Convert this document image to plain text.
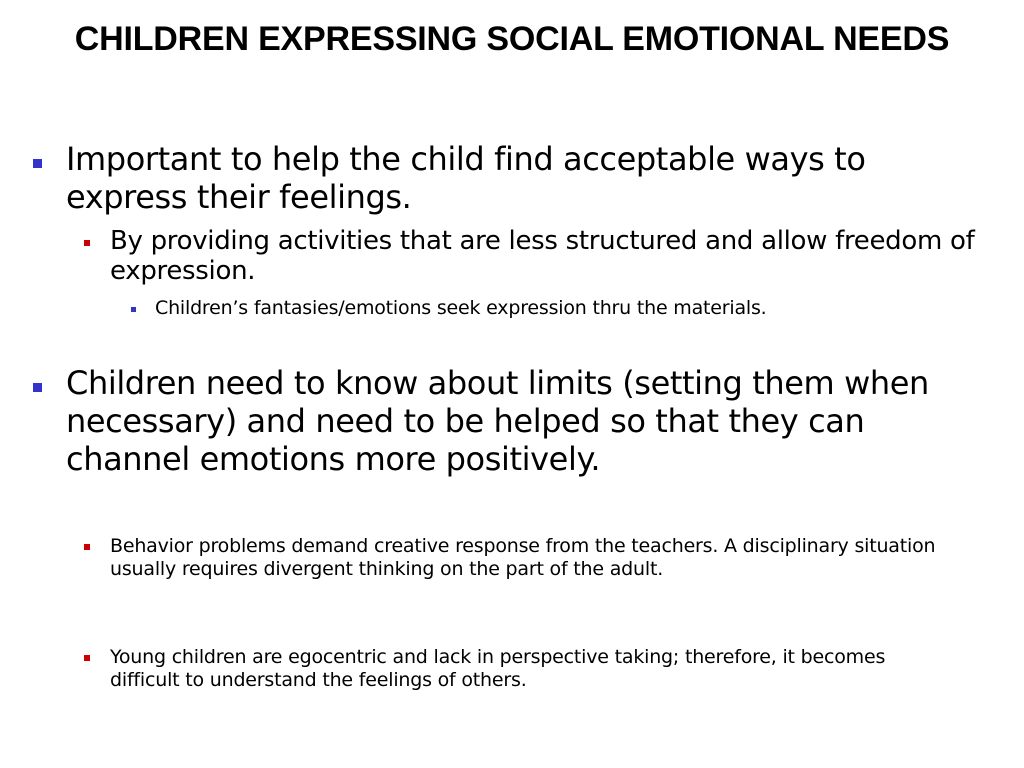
CHILDREN EXPRESSING SOCIAL EMOTIONAL NEEDS
Important to help the child find acceptable ways to express their feelings.
By providing activities that are less structured and allow freedom of expression.
Children’s fantasies/emotions seek expression thru the materials.
Children need to know about limits (setting them when necessary) and need to be helped so that they can channel emotions more positively.
Behavior problems demand creative response from the teachers. A disciplinary situation usually requires divergent thinking on the part of the adult.
Young children are egocentric and lack in perspective taking; therefore, it becomes difficult to understand the feelings of others.
